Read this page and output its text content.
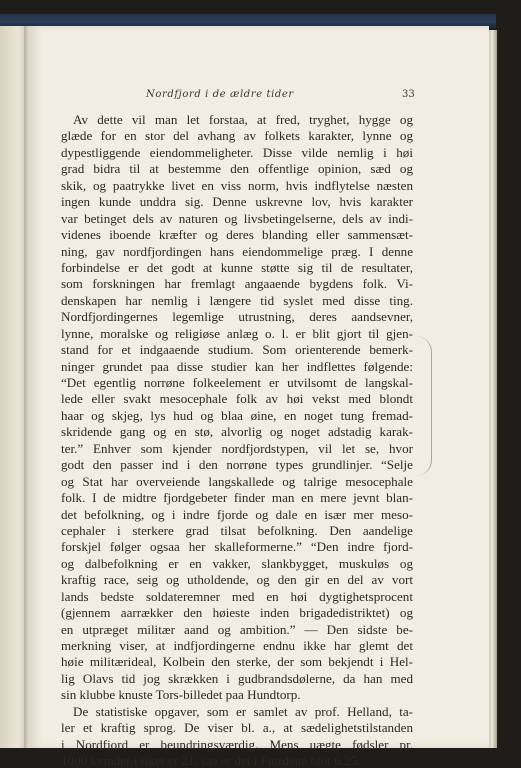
Nordfjord i de ældre tider	33
Av dette vil man let forstaa, at fred, tryghet, hygge og
glæde for en stor del avhang av folkets karakter, lynne og
dypestliggende eiendommeligheter. Disse vilde nemlig i høi
grad bidra til at bestemme den offentlige opinion, sæd og
skik, og paatrykke livet en viss norm, hvis indflytelse næsten
ingen kunde unddra sig. Denne uskrevne lov, hvis karakter
var betinget dels av naturen og livsbetingelserne, dels av indi-
videnes iboende kræfter og deres blanding eller sammensæt-
ning, gav nordfjordingen hans eiendommelige præg. I denne
forbindelse er det godt at kunne støtte sig til de resultater,
som forskningen har fremlagt angaaende bygdens folk. Vi-
denskapen har nemlig i længere tid syslet med disse ting.
Nordfjordingernes legemlige utrustning, deres aandsevner,
lynne, moralske og religiøse anlæg o. l. er blit gjort til gjen-
stand for et indgaaende studium. Som orienterende bemerk-
ninger grundet paa disse studier kan her indflettes følgende:
“Det egentlig norrøne folkeelement er utvilsomt de langskal-
lede eller svakt mesocephale folk av høi vekst med blondt
haar og skjeg, lys hud og blaa øine, en noget tung fremad-
skridende gang og en stø, alvorlig og noget adstadig karak-
ter.” Enhver som kjender nordfjordstypen, vil let se, hvor
godt den passer ind i den norrøne types grundlinjer. “Selje
og Stat har overveiende langskallede og talrige mesocephale
folk. I de midtre fjordgebeter finder man en mere jevnt blan-
det befolkning, og i indre fjorde og dale en især mer meso-
cephaler i sterkere grad tilsat befolkning. Den aandelige
forskjel følger ogsaa her skalleformerne.” “Den indre fjord-
og dalbefolkning er en vakker, slankbygget, muskuløs og
kraftig race, seig og utholdende, og den gir en del av vort
lands bedste soldateremner med en høi dygtighetsprocent
(gjennem aarrækker den høieste inden brigadedistriktet) og
en utpræget militær aand og ambition.” — Den sidste be-
merkning viser, at indfjordingerne endnu ikke har glemt det
høie militærideal, Kolbein den sterke, der som bekjendt i Hel-
lig Olavs tid jog skrækken i gudbrandsdølerne, da han med
sin klubbe knuste Tors-billedet paa Hundtorp.
De statistiske opgaver, som er samlet av prof. Helland, ta-
ler et kraftig sprog. De viser bl. a., at sædelighetstilstanden
i Nordfjord er beundringsværdig. Mens uægte fødsler pr.
1000 kvinder i riket er 21, saa er det i Fjordene blot 6.25.
